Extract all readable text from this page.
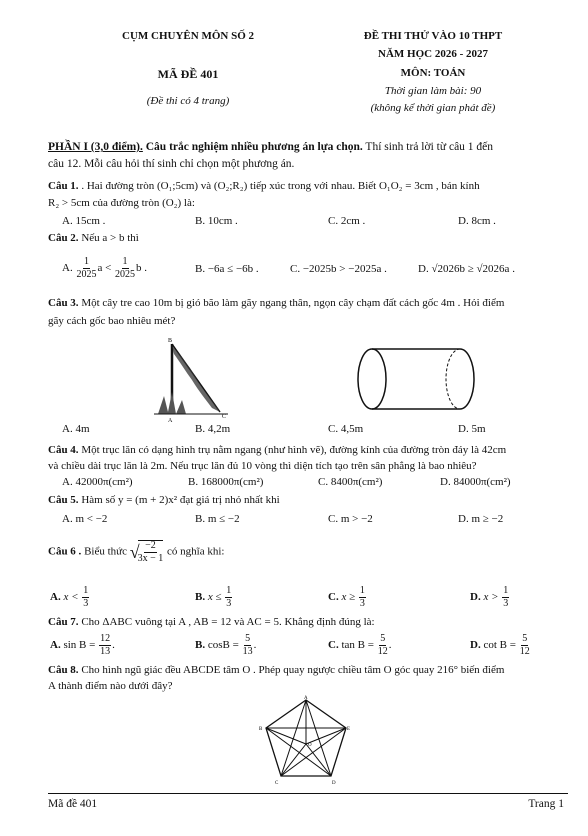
CỤM CHUYÊN MÔN SỐ 2
MÃ ĐỀ 401
(Đề thi có 4 trang)
ĐỀ THI THỬ VÀO 10 THPT
NĂM HỌC 2026 - 2027
MÔN: TOÁN
Thời gian làm bài: 90
(không kể thời gian phát đề)
PHẦN I (3,0 điểm). Câu trắc nghiệm nhiều phương án lựa chọn. Thí sinh trả lời từ câu 1 đến
câu 12. Mỗi câu hỏi thí sinh chỉ chọn một phương án.
Câu 1. . Hai đường tròn (O₁;5cm) và (O₂;R₂) tiếp xúc trong với nhau. Biết O₁O₂ = 3cm , bán kính
R₂ > 5cm của đường tròn (O₂) là:
A. 15cm .	B. 10cm .	C. 2cm .	D. 8cm .
Câu 2. Nếu a > b thì
A. $\frac{1}{2025}$ $a < \frac{1}{2025}$ b .	B. −6a ≤ −6b .	C. −2025b > −2025a .	D. √2026b ≥ √2026a .
Câu 3. Một cây tre cao 10m bị gió bão làm gãy ngang thân, ngọn cây chạm đất cách gốc 4m . Hỏi điểm
gãy cách gốc bao nhiêu mét?
B
A
C
A. 4m	B. 4,2m	C. 4,5m	D. 5m
Câu 4. Một trục lăn có dạng hình trụ nằm ngang (như hình vẽ), đường kính của đường tròn đáy là 42cm
và chiều dài trục lăn là 2m. Nếu trục lăn đủ 10 vòng thì diện tích tạo trên sân phẳng là bao nhiêu?
A. 42000π(cm²)	B. 168000π(cm²)	C. 8400π(cm²)	D. 84000π(cm²)
Câu 5. Hàm số y = (m + 2)x² đạt giá trị nhỏ nhất khi
A. m < −2	B. m ≤ −2	C. m > −2	D. m ≥ −2
Câu 6 . Biểu thức √
$\frac{-2}{3x - 1}$ có nghĩa khi:
A. $x < \frac{1}{3}$	B. $x \le \frac{1}{3}$	C. $x \ge \frac{1}{3}$	D. $x > \frac{1}{3}$
Câu 7. Cho ΔABC vuông tại A , AB = 12 và AC = 5. Khẳng định đúng là:
A. $\sin B = \frac{12}{13}$ .	B. $\cos B = \frac{5}{13}$ .	C. $\tan B = \frac{5}{12}$ .	D. $\cot B = \frac{5}{12}$
Câu 8. Cho hình ngũ giác đều ABCDE tâm O . Phép quay ngược chiều tâm O góc quay 216° biến điểm
A thành điểm nào dưới đây?
A
B
C	D
E
O
Mã đề 401	Trang 1
